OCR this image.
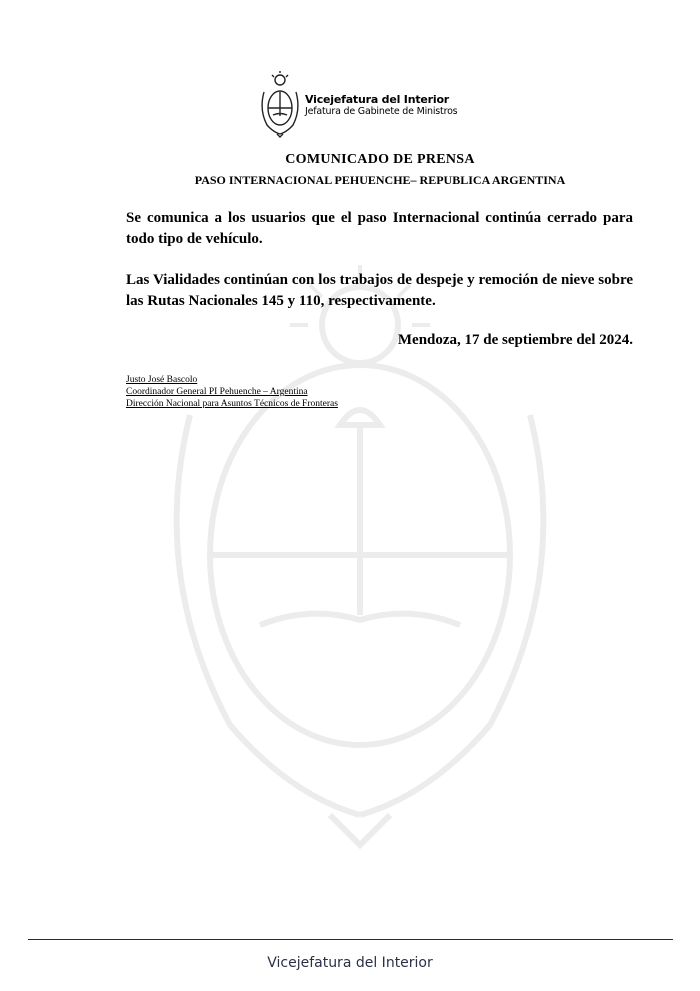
Vicejefatura del Interior
Jefatura de Gabinete de Ministros
COMUNICADO DE PRENSA
PASO INTERNACIONAL PEHUENCHE– REPUBLICA ARGENTINA
Se comunica a los usuarios que el paso Internacional continúa cerrado para todo tipo de vehículo.
Las Vialidades continúan con los trabajos de despeje y remoción de nieve sobre las Rutas Nacionales 145 y 110, respectivamente.
Mendoza, 17 de septiembre del 2024.
Justo José Bascolo
Coordinador General PI Pehuenche – Argentina
Dirección Nacional para Asuntos Técnicos de Fronteras
Vicejefatura del Interior
